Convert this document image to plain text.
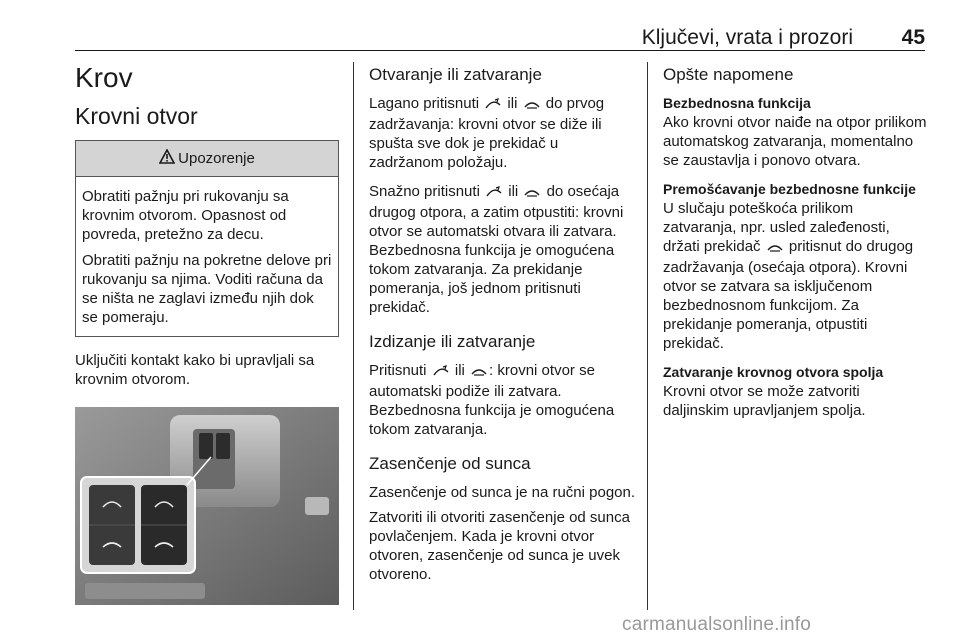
Ključevi, vrata i prozori 45
Krov
Krovni otvor
Upozorenje

Obratiti pažnju pri rukovanju sa krovnim otvorom. Opasnost od povreda, pretežno za decu.

Obratiti pažnju na pokretne delove pri rukovanju sa njima. Voditi računa da se ništa ne zaglavi između njih dok se pomeraju.

Uključiti kontakt kako bi upravljali sa krovnim otvorom.

Otvaranje ili zatvaranje

Lagano pritisnuti ili do prvog zadržavanja: krovni otvor se diže ili spušta sve dok je prekidač u zadržanom položaju.

Snažno pritisnuti ili do osećaja drugog otpora, a zatim otpustiti: krovni otvor se automatski otvara ili zatvara. Bezbednosna funkcija je omogućena tokom zatvaranja. Za prekidanje pomeranja, još jednom pritisnuti prekidač.

Izdizanje ili zatvaranje

Pritisnuti ili : krovni otvor se automatski podiže ili zatvara. Bezbednosna funkcija je omogućena tokom zatvaranja.

Zasenčenje od sunca

Zasenčenje od sunca je na ručni pogon.

Zatvoriti ili otvoriti zasenčenje od sunca povlačenjem. Kada je krovni otvor otvoren, zasenčenje od sunca je uvek otvoreno.

Opšte napomene
Bezbednosna funkcija

Ako krovni otvor naiđe na otpor prilikom automatskog zatvaranja, momentalno se zaustavlja i ponovo otvara.

Premošćavanje bezbednosne funkcije

U slučaju poteškoća prilikom zatvaranja, npr. usled zaleđenosti, držati prekidač pritisnut do drugog zadržavanja (osećaja otpora). Krovni otvor se zatvara sa isključenom bezbednosnom funkcijom. Za prekidanje pomeranja, otpustiti prekidač.

Zatvaranje krovnog otvora spolja

Krovni otvor se može zatvoriti daljinskim upravljanjem spolja.

carmanualsonline.info
